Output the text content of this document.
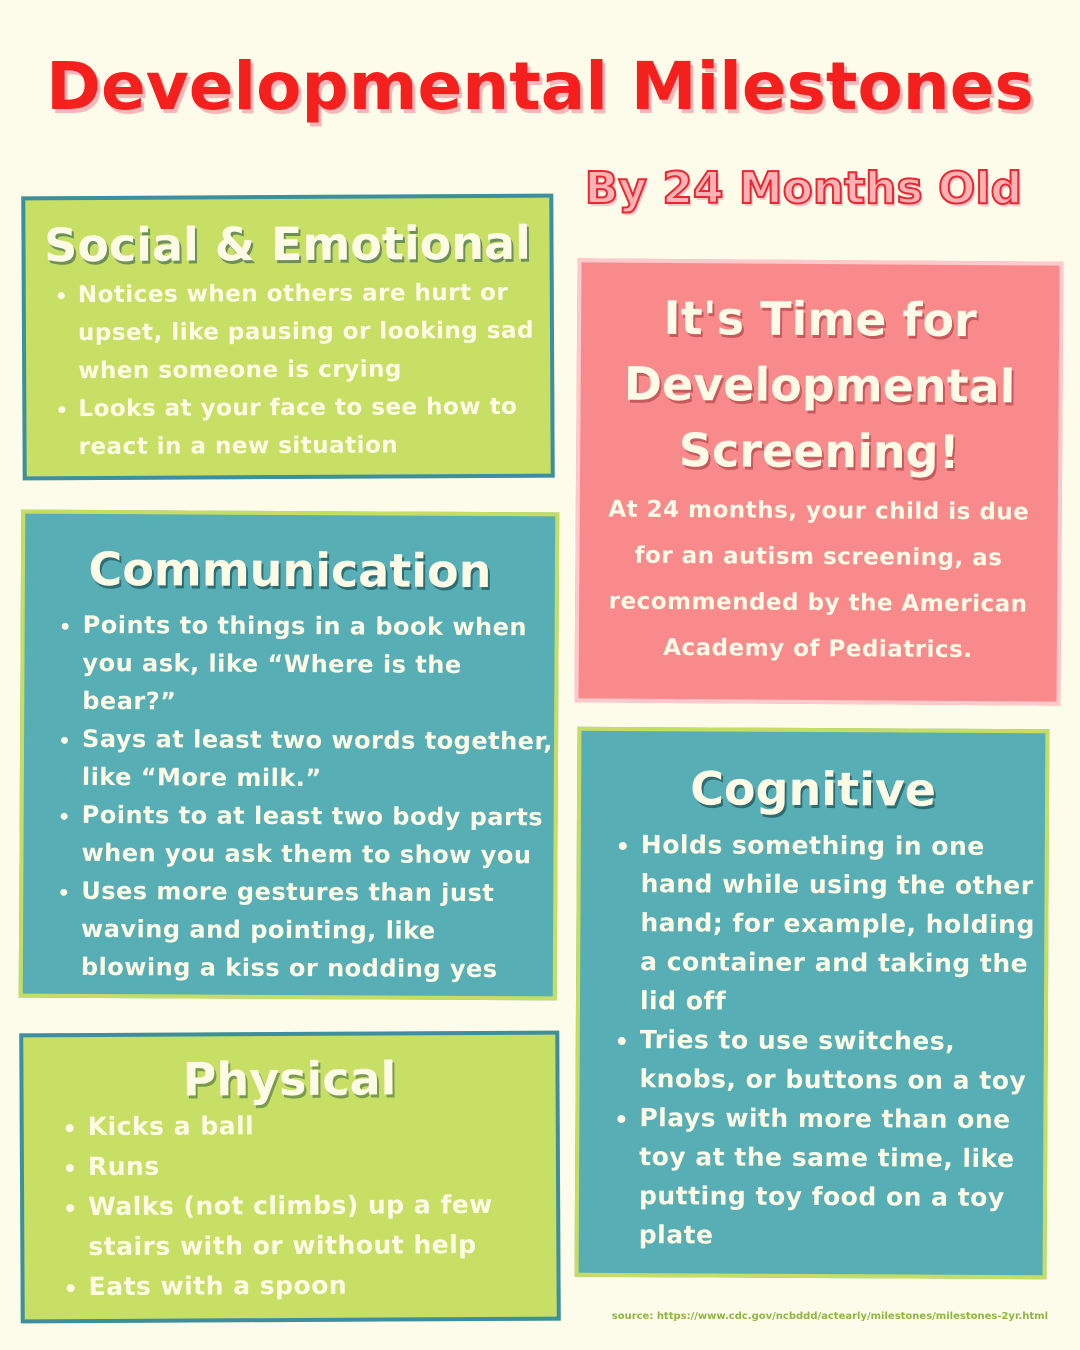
Developmental Milestones
By 24 Months Old
Social & Emotional
• Notices when others are hurt or upset, like pausing or looking sad when someone is crying
• Looks at your face to see how to react in a new situation
Communication
• Points to things in a book when you ask, like “Where is the bear?”
• Says at least two words together, like “More milk.”
• Points to at least two body parts when you ask them to show you
• Uses more gestures than just waving and pointing, like blowing a kiss or nodding yes
Physical
• Kicks a ball
• Runs
• Walks (not climbs) up a few stairs with or without help
• Eats with a spoon
It's Time for
Developmental
Screening!

At 24 months, your child is due for an autism screening, as recommended by the American Academy of Pediatrics.

Cognitive
• Holds something in one hand while using the other hand; for example, holding a container and taking the lid off
• Tries to use switches, knobs, or buttons on a toy
• Plays with more than one toy at the same time, like putting toy food on a toy plate

source: https://www.cdc.gov/ncbddd/actearly/milestones/milestones-2yr.html
